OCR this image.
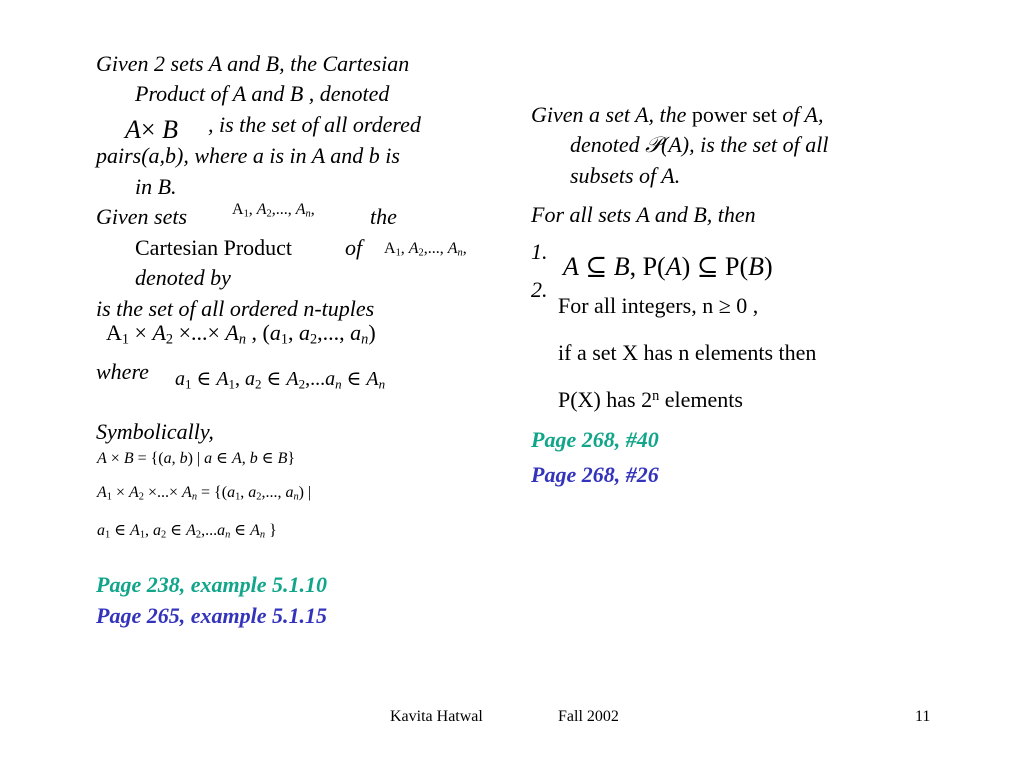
Given 2 sets A and B, the Cartesian
Product of A and B , denoted
A× B , is the set of all ordered
pairs(a,b), where a is in A and b is
in B.
Given sets	$A_1$, $A_2$,..., $A_n$,	the
Cartesian Product of $A_1$, $A_2$,..., $A_n$,
denoted by
is the set of all ordered n-tuples
$A_1 \times A_2$ ×...× $A_n$ , ($a_1$, $a_2$,..., $a_n$)
where $a_1$ ∈ $A_1$, $a_2$ ∈ $A_2,...a_n$ ∈ $A_n$
Symbolically,
A × B = {(a, b) | a ∈ A, b ∈ B}
$A_1 \times A_2$ ×...× $A_n = \{(a_1$, $a_2$,..., $a_n$) |
$a_1$ ∈ $A_1$, $a_2$ ∈ $A_2,...a_n$ ∈ $A_n$ }
Page 238, example 5.1.10
Page 265, example 5.1.15
Given a set A, the power set of A,
denoted 𝒫(A), is the set of all
subsets of A.
For all sets A and B, then
1.
A ⊆ B, P(A) ⊆ P(B)
2.
For all integers, n ≥ 0 ,
if a set X has n elements then
P(X) has 2$^n$ elements
Page 268, #40
Page 268, #26
Kavita Hatwal	Fall 2002	11
